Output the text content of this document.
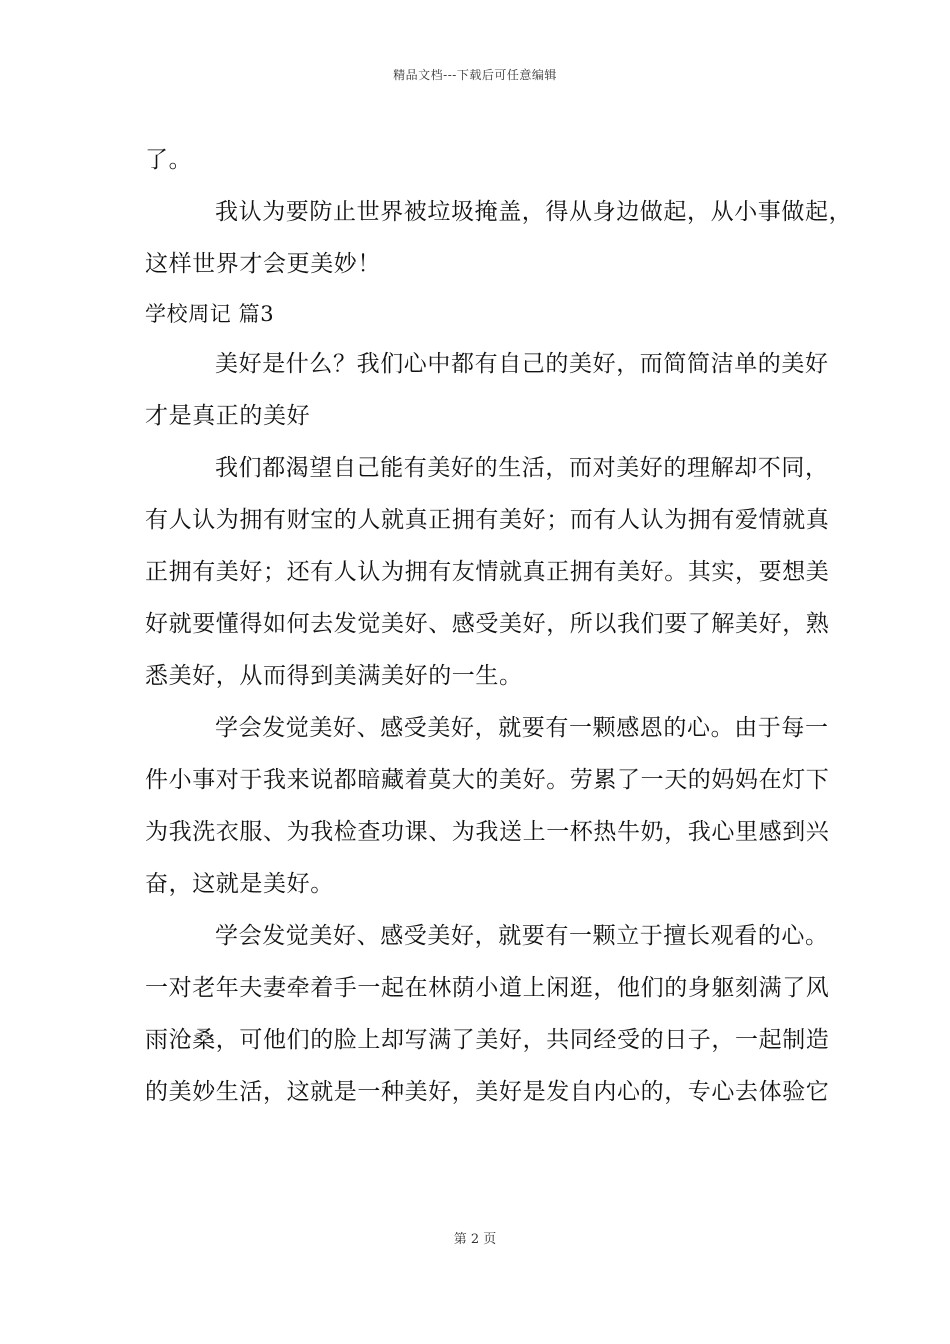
精品文档---下载后可任意编辑
了。
我认为要防止世界被垃圾掩盖，得从身边做起，从小事做起，
这样世界才会更美妙！
学校周记 篇3
美好是什么？我们心中都有自己的美好，而简简洁单的美好
才是真正的美好
我们都渴望自己能有美好的生活，而对美好的理解却不同，
有人认为拥有财宝的人就真正拥有美好；而有人认为拥有爱情就真
正拥有美好；还有人认为拥有友情就真正拥有美好。其实，要想美
好就要懂得如何去发觉美好、感受美好，所以我们要了解美好，熟
悉美好，从而得到美满美好的一生。
学会发觉美好、感受美好，就要有一颗感恩的心。由于每一
件小事对于我来说都暗藏着莫大的美好。劳累了一天的妈妈在灯下
为我洗衣服、为我检查功课、为我送上一杯热牛奶，我心里感到兴
奋，这就是美好。
学会发觉美好、感受美好，就要有一颗立于擅长观看的心。
一对老年夫妻牵着手一起在林荫小道上闲逛，他们的身躯刻满了风
雨沧桑，可他们的脸上却写满了美好，共同经受的日子，一起制造
的美妙生活，这就是一种美好，美好是发自内心的，专心去体验它
第 2 页
